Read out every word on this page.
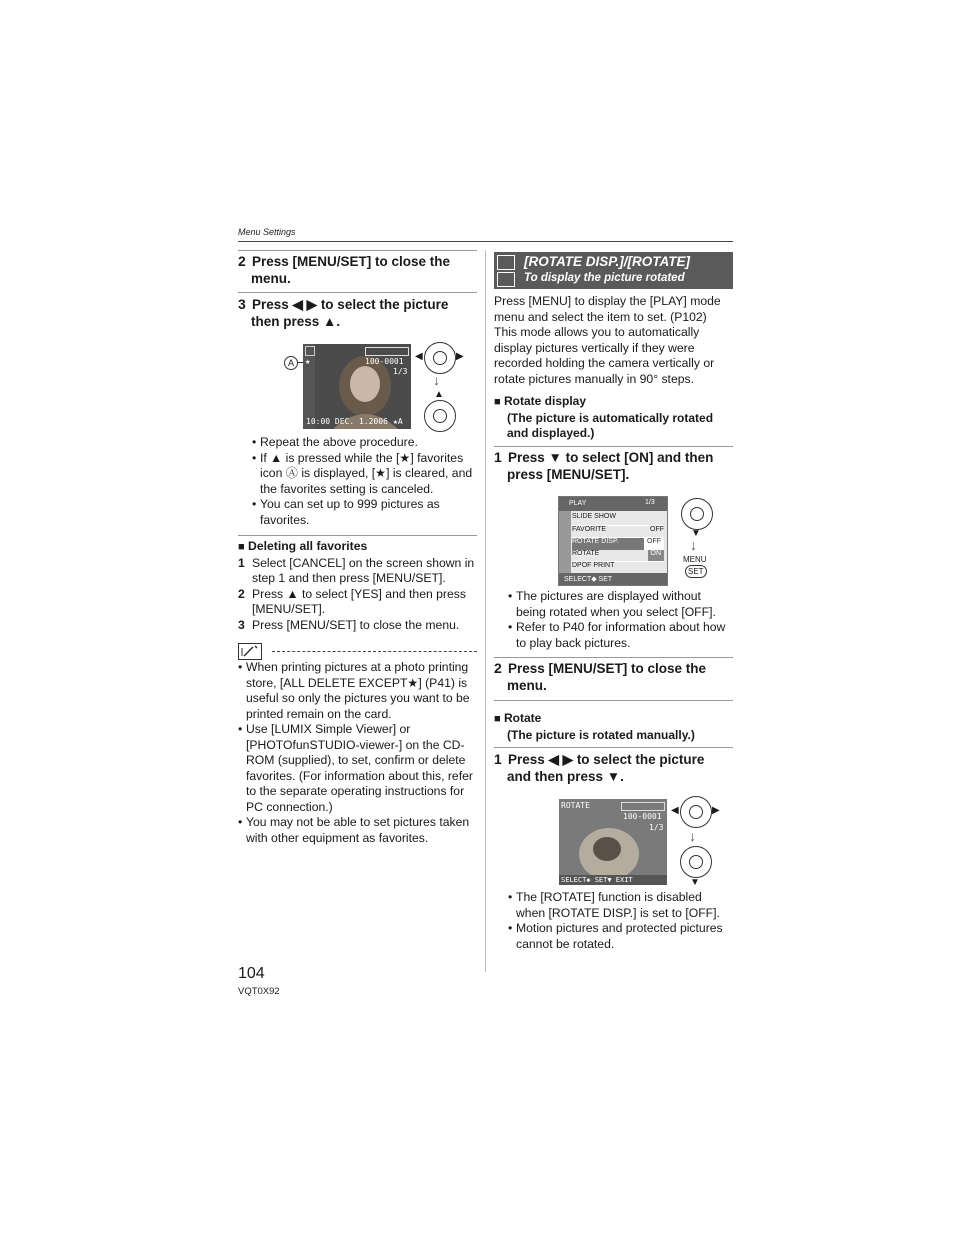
Menu Settings
2 Press [MENU/SET] to close the
menu.
3 Press ◀ ▶ to select the picture
then press ▲.
A	★	100-0001
1/3
10:00 DEC. 1.2006 ★A
◀	▶
↓
▲
• Repeat the above procedure.
• If ▲ is pressed while the [★] favorites icon Ⓐ is displayed, [★] is cleared, and the favorites setting is canceled.
• You can set up to 999 pictures as favorites.
■ Deleting all favorites
1 Select [CANCEL] on the screen shown in step 1 and then press [MENU/SET].
2 Press ▲ to select [YES] and then press [MENU/SET].
3 Press [MENU/SET] to close the menu.
• When printing pictures at a photo printing store, [ALL DELETE EXCEPT★] (P41) is useful so only the pictures you want to be printed remain on the card.
• Use [LUMIX Simple Viewer] or [PHOTOfunSTUDIO-viewer-] on the CD-ROM (supplied), to set, confirm or delete favorites. (For information about this, refer to the separate operating instructions for PC connection.)
• You may not be able to set pictures taken with other equipment as favorites.
[ROTATE DISP.]/[ROTATE]
To display the picture rotated
Press [MENU] to display the [PLAY] mode menu and select the item to set. (P102) This mode allows you to automatically display pictures vertically if they were recorded holding the camera vertically or rotate pictures manually in 90° steps.
■ Rotate display
(The picture is automatically rotated and displayed.)
1 Press ▼ to select [ON] and then
press [MENU/SET].
PLAY	1/3
SLIDE SHOW
FAVORITE	OFF
ROTATE DISP.	OFF
ROTATE	ON
DPOF PRINT
SELECT◆ SET
▼
↓
MENU
SET
• The pictures are displayed without being rotated when you select [OFF].
• Refer to P40 for information about how to play back pictures.
2 Press [MENU/SET] to close the
menu.
■ Rotate
(The picture is rotated manually.)
1 Press ◀ ▶ to select the picture
and then press ▼.
ROTATE
100-0001
1/3
SELECT◆ SET▼ EXIT
◀	▶
↓
▼
• The [ROTATE] function is disabled when [ROTATE DISP.] is set to [OFF].
• Motion pictures and protected pictures cannot be rotated.
104
VQT0X92
